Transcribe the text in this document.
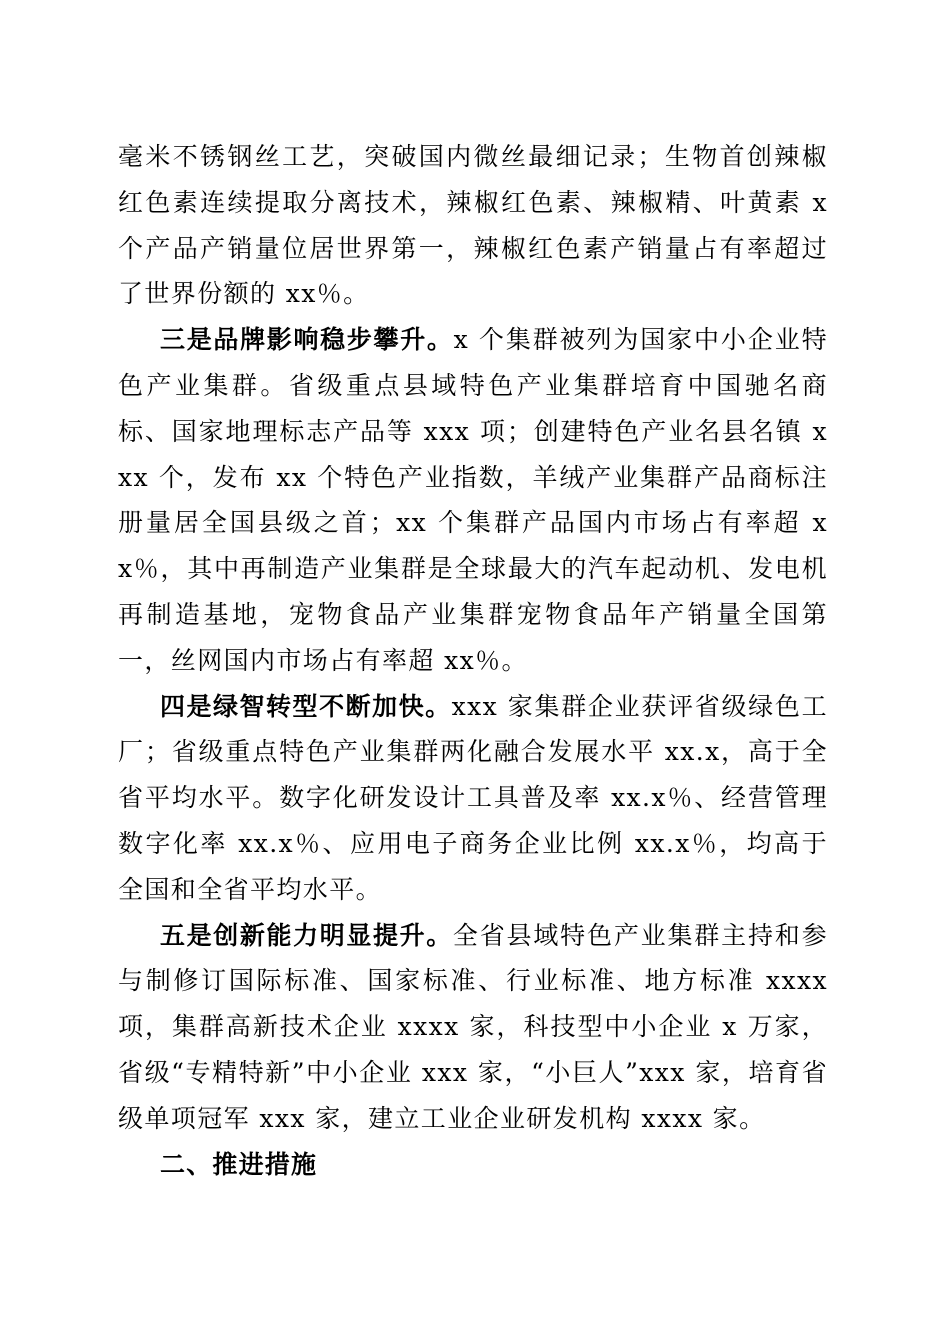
毫米不锈钢丝工艺，突破国内微丝最细记录；生物首创辣椒红色素连续提取分离技术，辣椒红色素、辣椒精、叶黄素 x 个产品产销量位居世界第一，辣椒红色素产销量占有率超过了世界份额的 xx％。

三是品牌影响稳步攀升。x 个集群被列为国家中小企业特色产业集群。省级重点县域特色产业集群培育中国驰名商标、国家地理标志产品等 xxx 项；创建特色产业名县名镇 xxx 个，发布 xx 个特色产业指数，羊绒产业集群产品商标注册量居全国县级之首；xx 个集群产品国内市场占有率超 xx％，其中再制造产业集群是全球最大的汽车起动机、发电机再制造基地，宠物食品产业集群宠物食品年产销量全国第一，丝网国内市场占有率超 xx％。

四是绿智转型不断加快。xxx 家集群企业获评省级绿色工厂；省级重点特色产业集群两化融合发展水平 xx.x，高于全省平均水平。数字化研发设计工具普及率 xx.x％、经营管理数字化率 xx.x％、应用电子商务企业比例 xx.x％，均高于全国和全省平均水平。

五是创新能力明显提升。全省县域特色产业集群主持和参与制修订国际标准、国家标准、行业标准、地方标准 xxxx 项，集群高新技术企业 xxxx 家，科技型中小企业 x 万家，省级“专精特新”中小企业 xxx 家，“小巨人”xxx 家，培育省级单项冠军 xxx 家，建立工业企业研发机构 xxxx 家。

二、推进措施
